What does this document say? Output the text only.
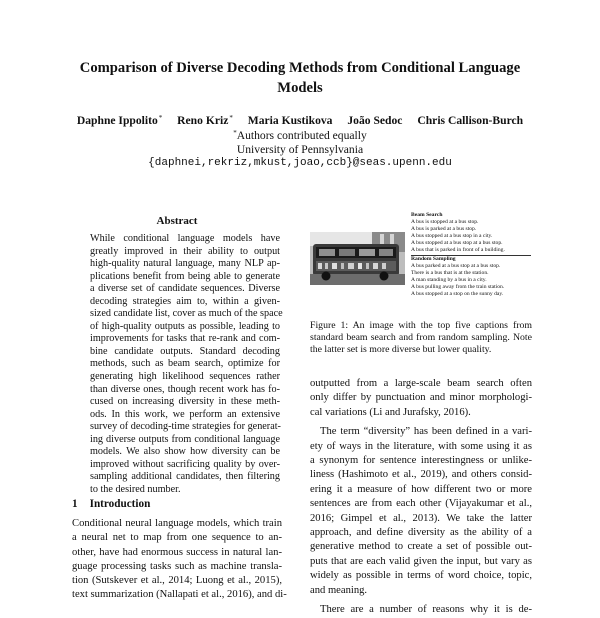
Comparison of Diverse Decoding Methods from Conditional Language
Models
Daphne Ippolito* Reno Kriz* Maria Kustikova João Sedoc Chris Callison-Burch
*Authors contributed equally
University of Pennsylvania
{daphnei,rekriz,mkust,joao,ccb}@seas.upenn.edu
Abstract
While conditional language models have
greatly improved in their ability to output
high-quality natural language, many NLP ap-
plications benefit from being able to generate
a diverse set of candidate sequences. Diverse
decoding strategies aim to, within a given-
sized candidate list, cover as much of the space
of high-quality outputs as possible, leading to
improvements for tasks that re-rank and com-
bine candidate outputs. Standard decoding
methods, such as beam search, optimize for
generating high likelihood sequences rather
than diverse ones, though recent work has fo-
cused on increasing diversity in these meth-
ods. In this work, we perform an extensive
survey of decoding-time strategies for generat-
ing diverse outputs from conditional language
models. We also show how diversity can be
improved without sacrificing quality by over-
sampling additional candidates, then filtering
to the desired number.
1 Introduction
Conditional neural language models, which train
a neural net to map from one sequence to an-
other, have had enormous success in natural lan-
guage processing tasks such as machine transla-
tion (Sutskever et al., 2014; Luong et al., 2015),
text summarization (Nallapati et al., 2016), and di-
Beam Search
A bus is stopped at a bus stop.
A bus is parked at a bus stop.
A bus stopped at a bus stop in a city.
A bus stopped at a bus stop at a bus stop.
A bus that is parked in front of a building.
Random Sampling
A bus parked at a bus stop at a bus stop.
There is a bus that is at the station.
A man standing by a bus in a city.
A bus pulling away from the train station.
A bus stopped at a stop on the sunny day.
Figure 1: An image with the top five captions from
standard beam search and from random sampling. Note
the latter set is more diverse but lower quality.
outputted from a large-scale beam search often
only differ by punctuation and minor morphologi-
cal variations (Li and Jurafsky, 2016).
The term “diversity” has been defined in a vari-
ety of ways in the literature, with some using it as
a synonym for sentence interestingness or unlike-
liness (Hashimoto et al., 2019), and others consid-
ering it a measure of how different two or more
sentences are from each other (Vijayakumar et al.,
2016; Gimpel et al., 2013). We take the latter
approach, and define diversity as the ability of a
generative method to create a set of possible out-
puts that are each valid given the input, but vary as
widely as possible in terms of word choice, topic,
and meaning.
There are a number of reasons why it is de-
